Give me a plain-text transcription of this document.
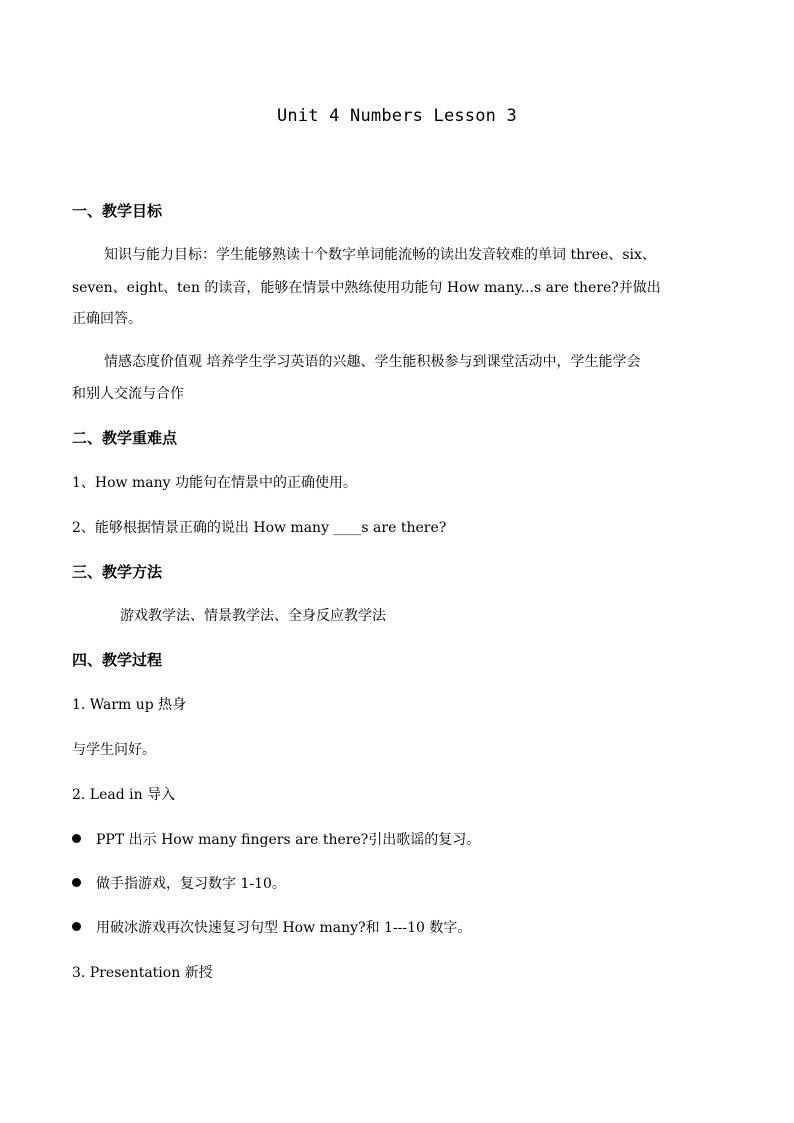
Unit 4 Numbers Lesson 3
一、教学目标
知识与能力目标：学生能够熟读十个数字单词能流畅的读出发音较难的单词 three、six、
seven、eight、ten 的读音，能够在情景中熟练使用功能句 How many...s are there?并做出
正确回答。
情感态度价值观 培养学生学习英语的兴趣、学生能积极参与到课堂活动中，学生能学会
和别人交流与合作
二、教学重难点
1、How many 功能句在情景中的正确使用。
2、能够根据情景正确的说出 How many ____s are there?
三、教学方法
游戏教学法、情景教学法、全身反应教学法
四、教学过程
1. Warm up 热身
与学生问好。
2. Lead in 导入
PPT 出示 How many fingers are there?引出歌谣的复习。
做手指游戏，复习数字 1-10。
用破冰游戏再次快速复习句型 How many?和 1---10 数字。
3. Presentation 新授
